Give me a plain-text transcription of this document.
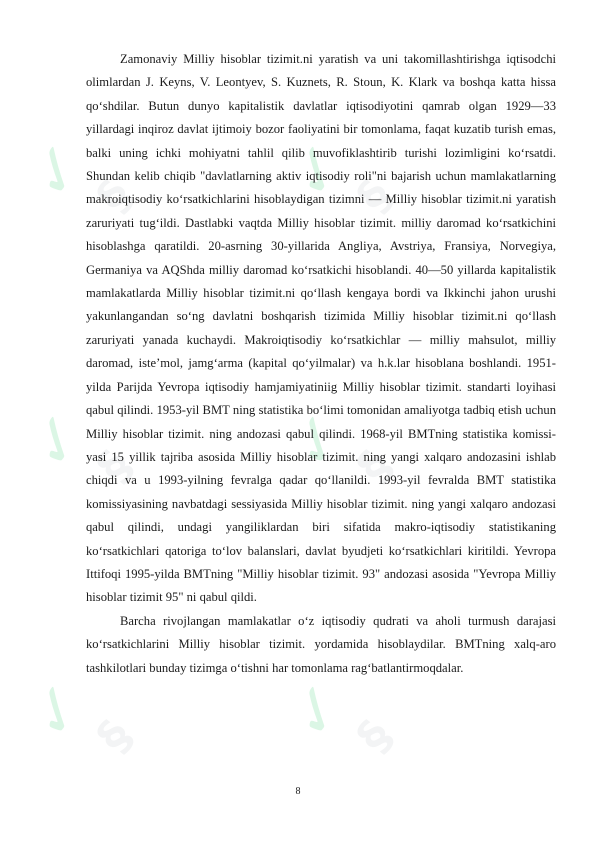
✓	✓
✓	✓
✓	✓
§	§
§	§
§	§

Zamonaviy Milliy hisoblar tizimit.ni yaratish va uni takomillashtirishga iqtisodchi olimlardan J. Keyns, V. Leontyev, S. Kuznets, R. Stoun, K. Klark va boshqa katta hissa qo‘shdilar. Butun dunyo kapitalistik davlatlar iqtisodiyotini qamrab olgan 1929—33 yillardagi inqiroz davlat ijtimoiy bozor faoliyatini bir tomonlama, faqat kuzatib turish emas, balki uning ichki mohiyatni tahlil qilib muvofiklashtirib turishi lozimligini ko‘rsatdi. Shundan kelib chiqib "davlatlarning aktiv iqtisodiy roli"ni bajarish uchun mamlakatlarning makroiqtisodiy ko‘rsatkichlarini hisoblaydigan tizimni — Milliy hisoblar tizimit.ni yaratish zaruriyati tug‘ildi. Dastlabki vaqtda Milliy hisoblar tizimit. milliy daromad ko‘rsatkichini hisoblashga qaratildi. 20-asrning 30-yillarida Angliya, Avstriya, Fransiya, Norvegiya, Germaniya va AQShda milliy daromad ko‘rsatkichi hisoblandi. 40—50 yillarda kapitalistik mamlakatlarda Milliy hisoblar tizimit.ni qo‘llash kengaya bordi va Ikkinchi jahon urushi yakunlangandan so‘ng davlatni boshqarish tizimida Milliy hisoblar tizimit.ni qo‘llash zaruriyati yanada kuchaydi. Makroiqtisodiy ko‘rsatkichlar — milliy mahsulot, milliy daromad, iste’mol, jamg‘arma (kapital qo‘yilmalar) va h.k.lar hisoblana boshlandi. 1951-yilda Parijda Yevropa iqtisodiy hamjamiyatiniig Milliy hisoblar tizimit. standarti loyihasi qabul qilindi. 1953-yil BMT ning statistika bo‘limi tomonidan amaliyotga tadbiq etish uchun Milliy hisoblar tizimit. ning andozasi qabul qilindi. 1968-yil BMTning statistika komissi-yasi 15 yillik tajriba asosida Milliy hisoblar tizimit. ning yangi xalqaro andozasini ishlab chiqdi va u 1993-yilning fevralga qadar qo‘llanildi. 1993-yil fevralda BMT statistika komissiyasining navbatdagi sessiyasida Milliy hisoblar tizimit. ning yangi xalqaro andozasi qabul qilindi, undagi yangiliklardan biri sifatida makro-iqtisodiy statistikaning ko‘rsatkichlari qatoriga to‘lov balanslari, davlat byudjeti ko‘rsatkichlari kiritildi. Yevropa Ittifoqi 1995-yilda BMTning "Milliy hisoblar tizimit. 93" andozasi asosida "Yevropa Milliy hisoblar tizimit 95" ni qabul qildi.

Barcha rivojlangan mamlakatlar o‘z iqtisodiy qudrati va aholi turmush darajasi ko‘rsatkichlarini Milliy hisoblar tizimit. yordamida hisoblaydilar. BMTning xalq-aro tashkilotlari bunday tizimga o‘tishni har tomonlama rag‘batlantirmoqdalar.

8
